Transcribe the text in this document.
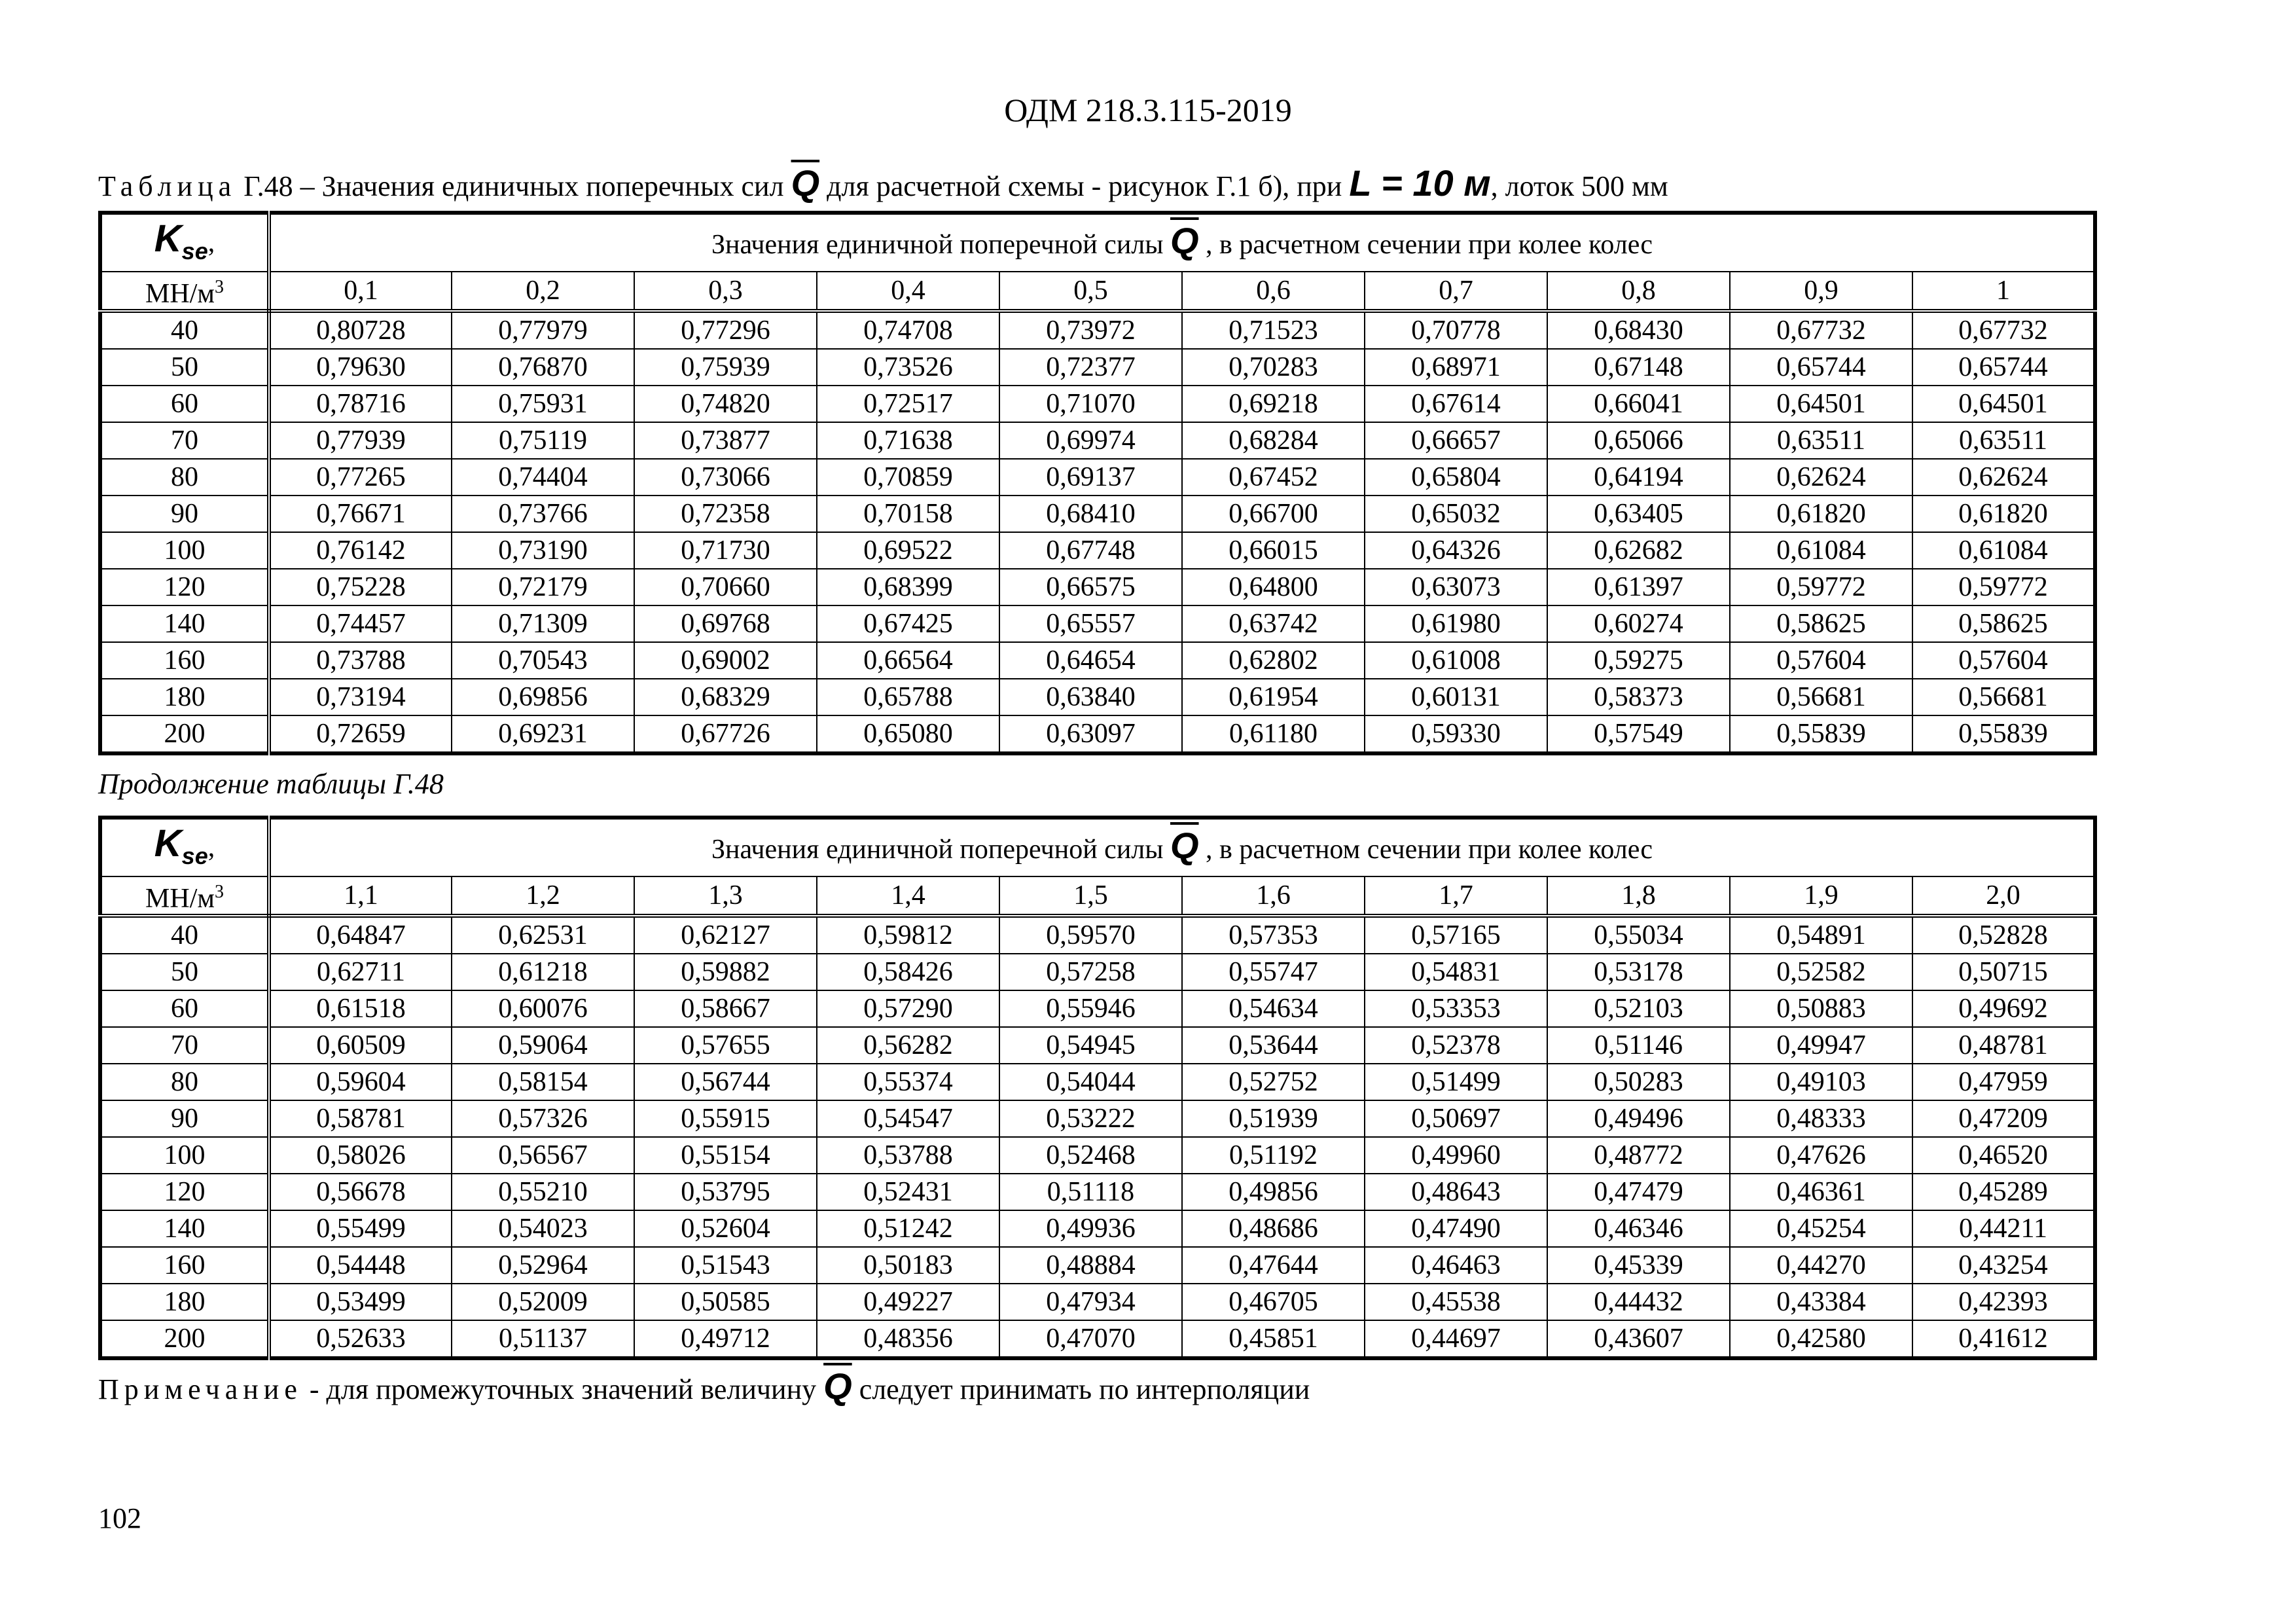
ОДМ 218.3.115-2019
Таблица Г.48 – Значения единичных поперечных сил $\overline{Q}$ для расчетной схемы - рисунок Г.1 б), при L = 10 м, лоток 500 мм
Kse,	Значения единичной поперечной силы $\overline{Q}$ , в расчетном сечении при колее колес									
$МН/м^3$	0,1	0,2	0,3	0,4	0,5	0,6	0,7	0,8	0,9	1
40	0,80728	0,77979	0,77296	0,74708	0,73972	0,71523	0,70778	0,68430	0,67732	0,67732
50	0,79630	0,76870	0,75939	0,73526	0,72377	0,70283	0,68971	0,67148	0,65744	0,65744
60	0,78716	0,75931	0,74820	0,72517	0,71070	0,69218	0,67614	0,66041	0,64501	0,64501
70	0,77939	0,75119	0,73877	0,71638	0,69974	0,68284	0,66657	0,65066	0,63511	0,63511
80	0,77265	0,74404	0,73066	0,70859	0,69137	0,67452	0,65804	0,64194	0,62624	0,62624
90	0,76671	0,73766	0,72358	0,70158	0,68410	0,66700	0,65032	0,63405	0,61820	0,61820
100	0,76142	0,73190	0,71730	0,69522	0,67748	0,66015	0,64326	0,62682	0,61084	0,61084
120	0,75228	0,72179	0,70660	0,68399	0,66575	0,64800	0,63073	0,61397	0,59772	0,59772
140	0,74457	0,71309	0,69768	0,67425	0,65557	0,63742	0,61980	0,60274	0,58625	0,58625
160	0,73788	0,70543	0,69002	0,66564	0,64654	0,62802	0,61008	0,59275	0,57604	0,57604
180	0,73194	0,69856	0,68329	0,65788	0,63840	0,61954	0,60131	0,58373	0,56681	0,56681
200	0,72659	0,69231	0,67726	0,65080	0,63097	0,61180	0,59330	0,57549	0,55839	0,55839
Продолжение таблицы Г.48
Kse,	Значения единичной поперечной силы $\overline{Q}$ , в расчетном сечении при колее колес									
$МН/м^3$	1,1	1,2	1,3	1,4	1,5	1,6	1,7	1,8	1,9	2,0
40	0,64847	0,62531	0,62127	0,59812	0,59570	0,57353	0,57165	0,55034	0,54891	0,52828
50	0,62711	0,61218	0,59882	0,58426	0,57258	0,55747	0,54831	0,53178	0,52582	0,50715
60	0,61518	0,60076	0,58667	0,57290	0,55946	0,54634	0,53353	0,52103	0,50883	0,49692
70	0,60509	0,59064	0,57655	0,56282	0,54945	0,53644	0,52378	0,51146	0,49947	0,48781
80	0,59604	0,58154	0,56744	0,55374	0,54044	0,52752	0,51499	0,50283	0,49103	0,47959
90	0,58781	0,57326	0,55915	0,54547	0,53222	0,51939	0,50697	0,49496	0,48333	0,47209
100	0,58026	0,56567	0,55154	0,53788	0,52468	0,51192	0,49960	0,48772	0,47626	0,46520
120	0,56678	0,55210	0,53795	0,52431	0,51118	0,49856	0,48643	0,47479	0,46361	0,45289
140	0,55499	0,54023	0,52604	0,51242	0,49936	0,48686	0,47490	0,46346	0,45254	0,44211
160	0,54448	0,52964	0,51543	0,50183	0,48884	0,47644	0,46463	0,45339	0,44270	0,43254
180	0,53499	0,52009	0,50585	0,49227	0,47934	0,46705	0,45538	0,44432	0,43384	0,42393
200	0,52633	0,51137	0,49712	0,48356	0,47070	0,45851	0,44697	0,43607	0,42580	0,41612
Примечание - для промежуточных значений величину $\overline{Q}$ следует принимать по интерполяции
102
